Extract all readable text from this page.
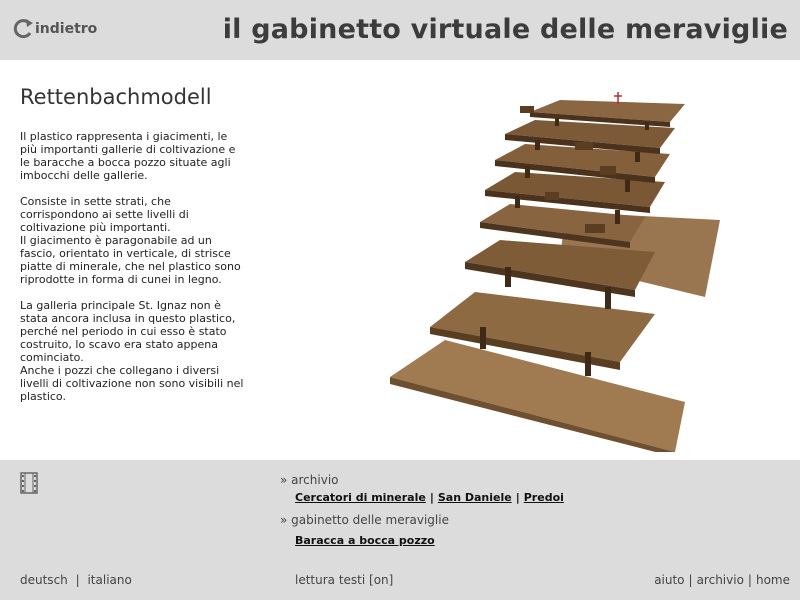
indietro	il gabinetto virtuale delle meraviglie
Rettenbachmodell

Il plastico rappresenta i giacimenti, le più importanti gallerie di coltivazione e le baracche a bocca pozzo situate agli imbocchi delle gallerie.

Consiste in sette strati, che corrispondono ai sette livelli di coltivazione più importanti.
Il giacimento è paragonabile ad un fascio, orientato in verticale, di strisce piatte di minerale, che nel plastico sono riprodotte in forma di cunei in legno.

La galleria principale St. Ignaz non è stata ancora inclusa in questo plastico, perché nel periodo in cui esso è stato costruito, lo scavo era stato appena cominciato.
Anche i pozzi che collegano i diversi livelli di coltivazione non sono visibili nel plastico.

» archivio
Cercatori di minerale | San Daniele | Predoi
» gabinetto delle meraviglie
Baracca a bocca pozzo
deutsch | italiano	lettura testi [on]	aiuto | archivio | home
